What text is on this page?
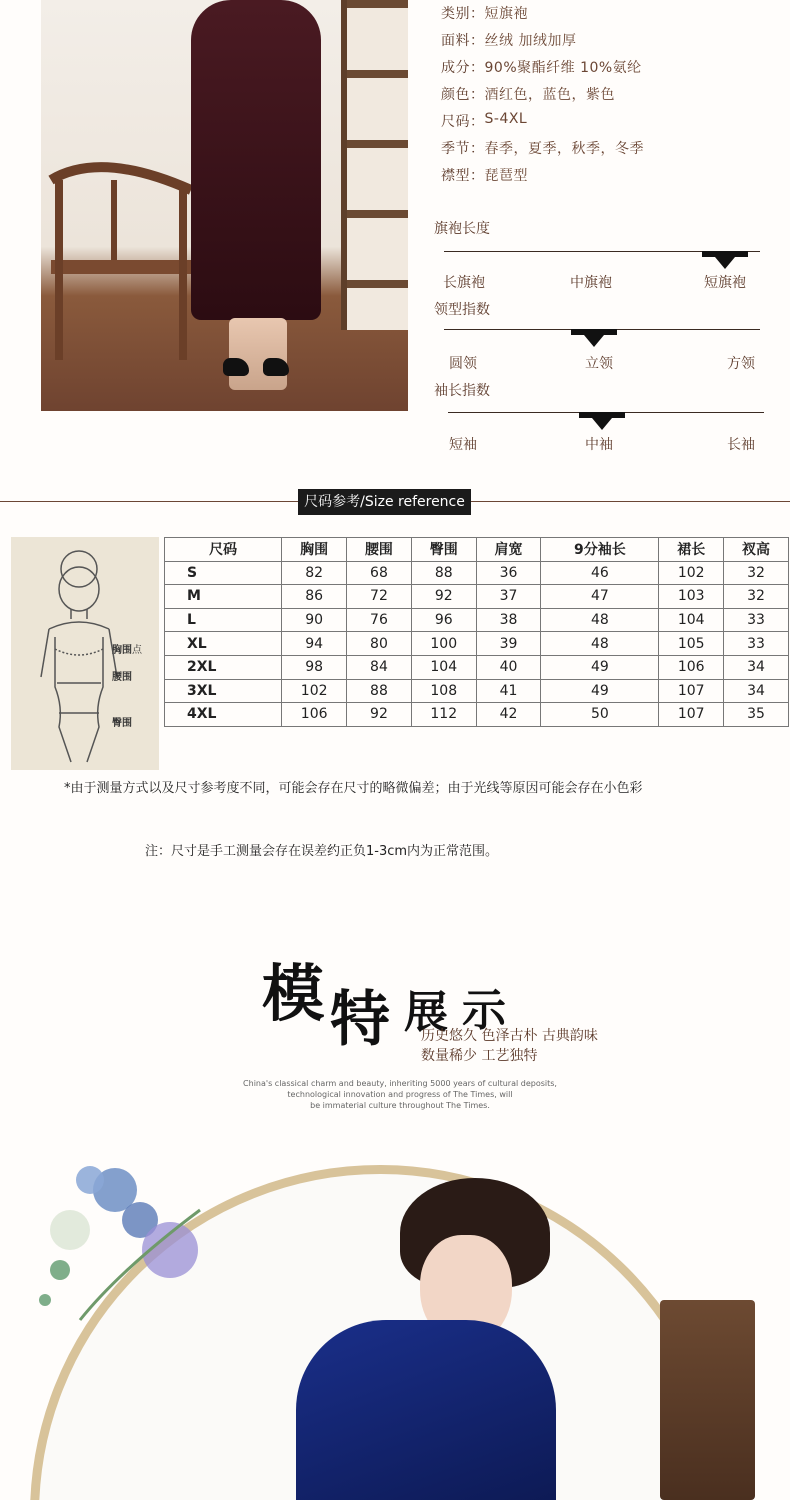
类别： 短旗袍
面料： 丝绒 加绒加厚
成分： 90%聚酯纤维 10%氨纶
颜色： 酒红色，蓝色，紫色
尺码： S-4XL
季节： 春季，夏季，秋季，冬季
襟型： 琵琶型
旗袍长度
长旗袍	中旗袍	短旗袍
领型指数
圆领	立领	方领
袖长指数
短袖	中袖	长袖
尺码参考/Size reference
胸围点
腰围
臀围
尺码	胸围	腰围	臀围	肩宽	9分袖长	裙长	衩高
S	82	68	88	36	46	102	32
M	86	72	92	37	47	103	32
L	90	76	96	38	48	104	33
XL	94	80	100	39	48	105	33
2XL	98	84	104	40	49	106	34
3XL	102	88	108	41	49	107	34
4XL	106	92	112	42	50	107	35
*由于测量方式以及尺寸参考度不同，可能会存在尺寸的略微偏差；由于光线等原因可能会存在小色彩
注：尺寸是手工测量会存在误差约正负1-3cm内为正常范围。
模 特 展 示
历史悠久 色泽古朴 古典韵味
数量稀少 工艺独特
China's classical charm and beauty, inheriting 5000 years of cultural deposits,
technological innovation and progress of The Times, will
be immaterial culture throughout The Times.
